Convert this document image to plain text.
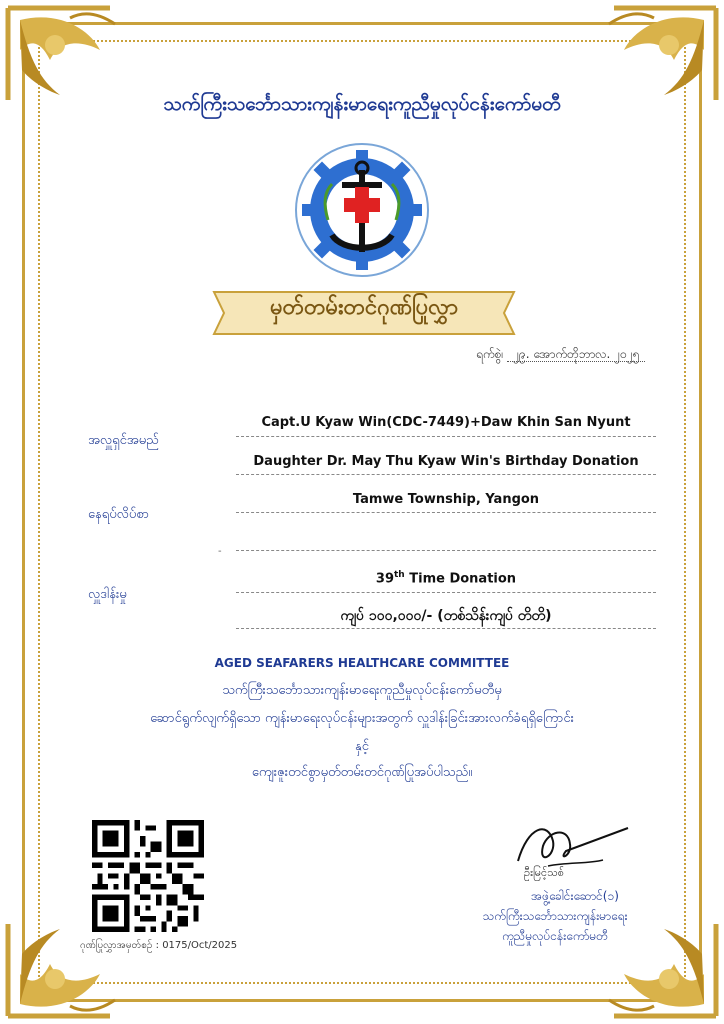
သက်ကြီးသင်္ဘောသားကျန်းမာရေးကူညီမှုလုပ်ငန်းကော်မတီ
မှတ်တမ်းတင်ဂုဏ်ပြုလွှာ
ရက်စွဲ၊ ၂၉. အောက်တိုဘာလ. ၂၀၂၅
အလှူရှင်အမည်
Capt.U Kyaw Win(CDC-7449)+Daw Khin San Nyunt
Daughter Dr. May Thu Kyaw Win's Birthday Donation
နေရပ်လိပ်စာ
Tamwe Township, Yangon
-
လှူဒါန်းမှု
39th Time Donation
ကျပ် ၁၀၀,၀၀၀/- (တစ်သိန်းကျပ် တိတိ)
AGED SEAFARERS HEALTHCARE COMMITTEE
သက်ကြီးသင်္ဘောသားကျန်းမာရေးကူညီမှုလုပ်ငန်းကော်မတီမှ
ဆောင်ရွက်လျက်ရှိသော ကျန်းမာရေးလုပ်ငန်းများအတွက် လှူဒါန်းခြင်းအားလက်ခံရရှိကြောင်း
နှင့်
ကျေးဇူးတင်စွာမှတ်တမ်းတင်ဂုဏ်ပြုအပ်ပါသည်။
ဂုဏ်ပြုလွှာအမှတ်စဉ် : 0175/Oct/2025
ဦးမြင့်သစ်
အဖွဲ့ခေါင်းဆောင်(၁)
သက်ကြီးသင်္ဘောသားကျန်းမာရေး
ကူညီမှုလုပ်ငန်းကော်မတီ
